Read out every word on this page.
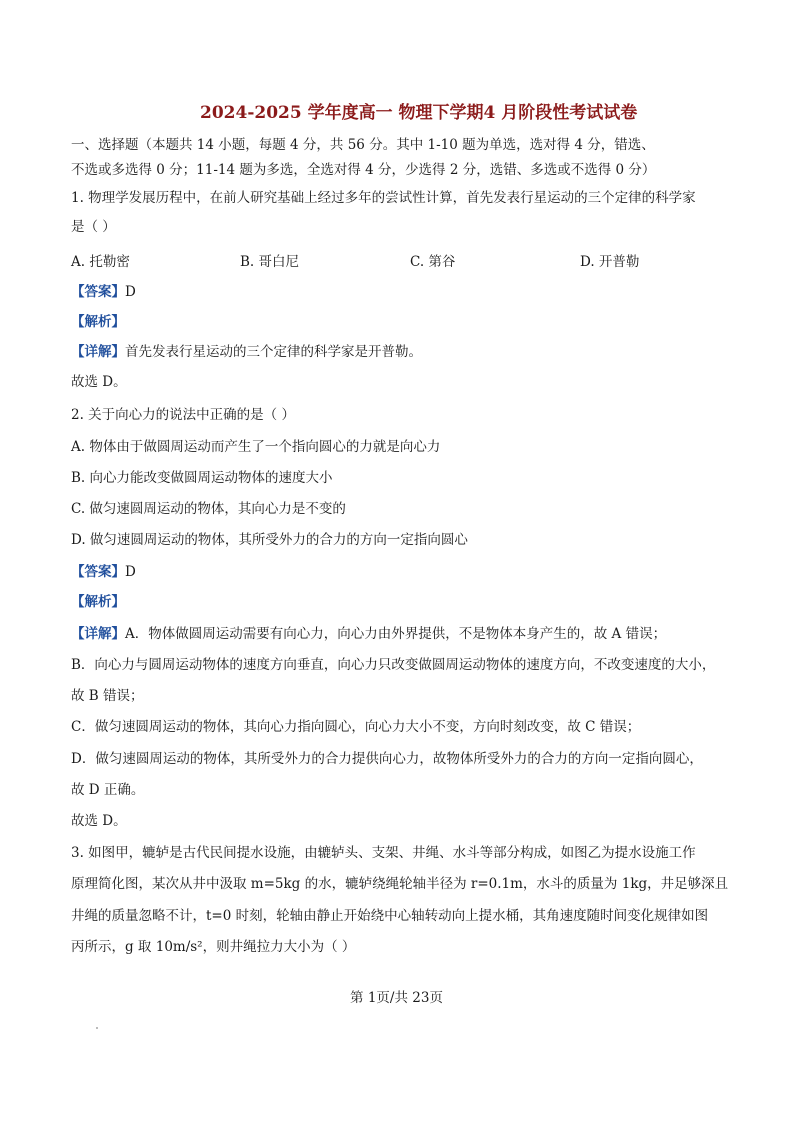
2024-2025 学年度高一 物理下学期4 月阶段性考试试卷
一、选择题（本题共 14 小题，每题 4 分，共 56 分。其中 1-10 题为单选，选对得 4 分，错选、
不选或多选得 0 分；11-14 题为多选，全选对得 4 分，少选得 2 分，选错、多选或不选得 0 分）
1. 物理学发展历程中，在前人研究基础上经过多年的尝试性计算，首先发表行星运动的三个定律的科学家
是（ ）
A. 托勒密	B. 哥白尼	C. 第谷	D. 开普勒
【答案】D
【解析】
【详解】首先发表行星运动的三个定律的科学家是开普勒。
故选 D。
2. 关于向心力的说法中正确的是（ ）
A. 物体由于做圆周运动而产生了一个指向圆心的力就是向心力
B. 向心力能改变做圆周运动物体的速度大小
C. 做匀速圆周运动的物体，其向心力是不变的
D. 做匀速圆周运动的物体，其所受外力的合力的方向一定指向圆心
【答案】D
【解析】
【详解】A．物体做圆周运动需要有向心力，向心力由外界提供，不是物体本身产生的，故 A 错误；
B．向心力与圆周运动物体的速度方向垂直，向心力只改变做圆周运动物体的速度方向，不改变速度的大小，
故 B 错误；
C．做匀速圆周运动的物体，其向心力指向圆心，向心力大小不变，方向时刻改变，故 C 错误；
D．做匀速圆周运动的物体，其所受外力的合力提供向心力，故物体所受外力的合力的方向一定指向圆心，
故 D 正确。
故选 D。
3. 如图甲，辘轳是古代民间提水设施，由辘轳头、支架、井绳、水斗等部分构成，如图乙为提水设施工作
原理简化图，某次从井中汲取 m=5kg 的水，辘轳绕绳轮轴半径为 r=0.1m，水斗的质量为 1kg，井足够深且
井绳的质量忽略不计，t=0 时刻，轮轴由静止开始绕中心轴转动向上提水桶，其角速度随时间变化规律如图
丙所示，g 取 10m/s²，则井绳拉力大小为（ ）
第 1页/共 23页
